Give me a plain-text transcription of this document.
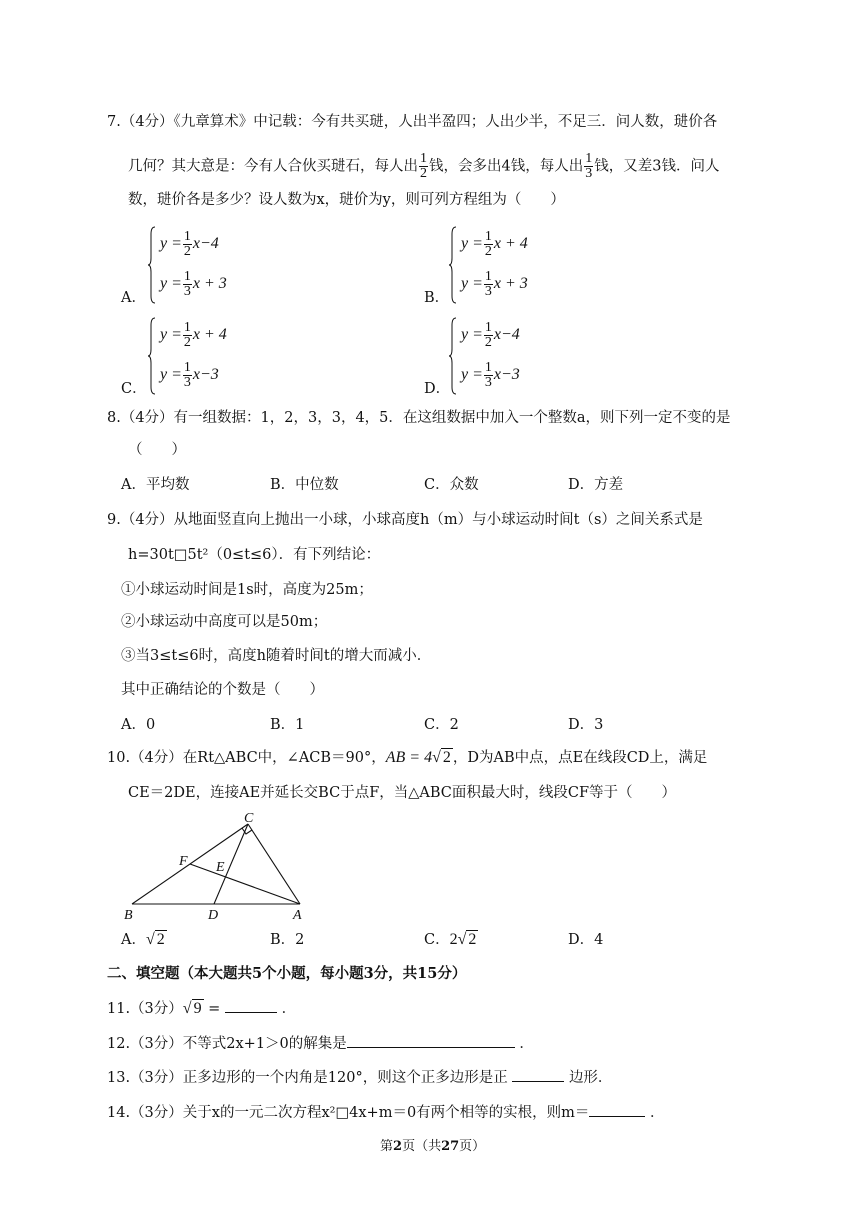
7.（4分）《九章算术》中记载：今有共买琎，人出半盈四；人出少半，不足三．问人数，琎价各
几何？其大意是：今有人合伙买琎石，每人出 $\frac{1}{2}$ 钱，会多出4钱，每人出 $\frac{1}{3}$ 钱，又差3钱．问人
数，琎价各是多少？设人数为x，琎价为y，则可列方程组为（　　）
A．
$y = \frac{1}{2} x-4$
$y = \frac{1}{3}$ x + 3
B．
$y = \frac{1}{2}$ x + 4
$y = \frac{1}{3}$ x + 3
C．
$y = \frac{1}{2}$ x + 4
$y = \frac{1}{3} x-3$
D．
$y = \frac{1}{2} x-4$
$y = \frac{1}{3} x-3$
8.（4分）有一组数据：1，2，3，3，4，5．在这组数据中加入一个整数a，则下列一定不变的是
（　　）
A．平均数	B．中位数	C．众数	D．方差
9.（4分）从地面竖直向上抛出一小球，小球高度h（m）与小球运动时间t（s）之间关系式是
h=30t□5t²（0≤t≤6）．有下列结论：
①小球运动时间是1s时，高度为25m；
②小球运动中高度可以是50m；
③当3≤t≤6时，高度h随着时间t的增大而减小．
其中正确结论的个数是（　　）
A．0	B．1	C．2	D．3
10.（4分）在Rt△ABC中，∠ACB＝90°，AB = 4√ 2 ，D为AB中点，点E在线段CD上，满足
CE＝2DE，连接AE并延长交BC于点F，当△ABC面积最大时，线段CF等于（　　）
C
F E
B	D	A
A．√ 2	B．2	C．2√ 2	D．4
二、填空题（本大题共5个小题，每小题3分，共15分）
11.（3分）√ 9 =	．
12.（3分）不等式2x+1＞0的解集是	．
13.（3分）正多边形的一个内角是120°，则这个正多边形是正	边形．
14.（3分）关于x的一元二次方程x²□4x+m＝0有两个相等的实根，则m＝	．
第2页（共27页）
